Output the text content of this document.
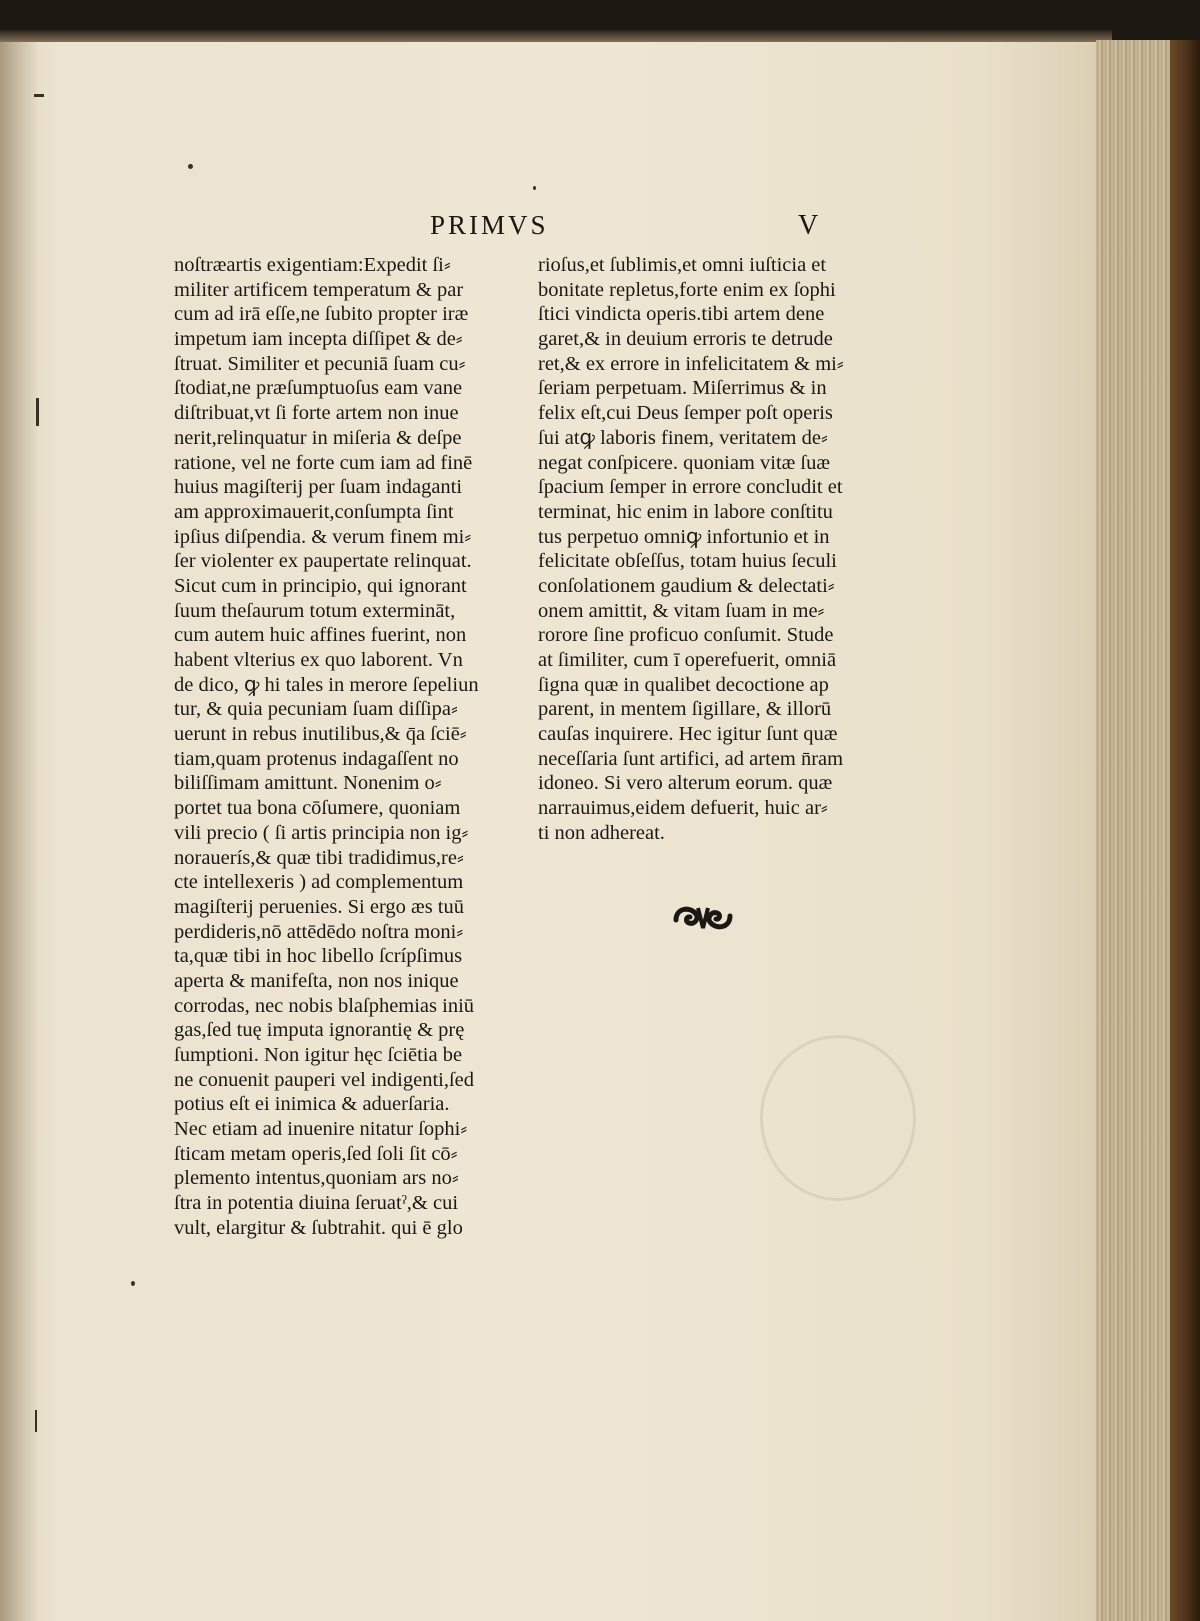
PRIMVS	V
noſtræartis exigentiam:Expedit ſi⸗
militer artificem temperatum & par
cum ad irā eſſe,ne ſubito propter iræ
impetum iam incepta diſſipet & de⸗
ſtruat. Similiter et pecuniā ſuam cu⸗
ſtodiat,ne præſumptuoſus eam vane
diſtribuat,vt ſi forte artem non inue
nerit,relinquatur in miſeria & deſpe
ratione, vel ne forte cum iam ad finē
huius magiſterij per ſuam indaganti
am approximauerit,conſumpta ſint
ipſius diſpendia. & verum finem mi⸗
ſer violenter ex paupertate relinquat.
Sicut cum in principio, qui ignorant
ſuum theſaurum totum extermināt,
cum autem huic affines fuerint, non
habent vlterius ex quo laborent. Vn
de dico, ꝙ hi tales in merore ſepeliun
tur, & quia pecuniam ſuam diſſipa⸗
uerunt in rebus inutilibus,& q̄a ſciē⸗
tiam,quam protenus indagaſſent no
biliſſimam amittunt. Nonenim o⸗
portet tua bona cōſumere, quoniam
vili precio ( ſi artis principia non ig⸗
norauerís,& quæ tibi tradidimus,re⸗
cte intellexeris ) ad complementum
magiſterij peruenies. Si ergo æs tuū
perdideris,nō attēdēdo noſtra moni⸗
ta,quæ tibi in hoc libello ſcrípſimus
aperta & manifeſta, non nos inique
corrodas, nec nobis blaſphemias iniū
gas,ſed tuę imputa ignorantię & prę
ſumptioni. Non igitur hęc ſciētia be
ne conuenit pauperi vel indigenti,ſed
potius eſt ei inimica & aduerſaria.
Nec etiam ad inuenire nitatur ſophi⸗
ſticam metam operis,ſed ſoli ſit cō⸗
plemento intentus,quoniam ars no⸗
ſtra in potentia diuina ſeruatˀ,& cui
vult, elargitur & ſubtrahit. qui ē glo
rioſus,et ſublimis,et omni iuſticia et
bonitate repletus,forte enim ex ſophi
ſtici vindicta operis.tibi artem dene
garet,& in deuium erroris te detrude
ret,& ex errore in infelicitatem & mi⸗
ſeriam perpetuam. Miſerrimus & in
felix eſt,cui Deus ſemper poſt operis
ſui atꝙ laboris finem, veritatem de⸗
negat conſpicere. quoniam vitæ ſuæ
ſpacium ſemper in errore concludit et
terminat, hic enim in labore conſtitu
tus perpetuo omniꝙ infortunio et in
felicitate obſeſſus, totam huius ſeculi
conſolationem gaudium & delectati⸗
onem amittit, & vitam ſuam in me⸗
rorore ſine proficuo conſumit. Stude
at ſimiliter, cum ī operefuerit, omniā
ſigna quæ in qualibet decoctione ap
parent, in mentem ſigillare, & illorū
cauſas inquirere. Hec igitur ſunt quæ
neceſſaria ſunt artifici, ad artem n̄ram
idoneo. Si vero alterum eorum. quæ
narrauimus,eidem defuerit, huic ar⸗
ti non adhereat.
